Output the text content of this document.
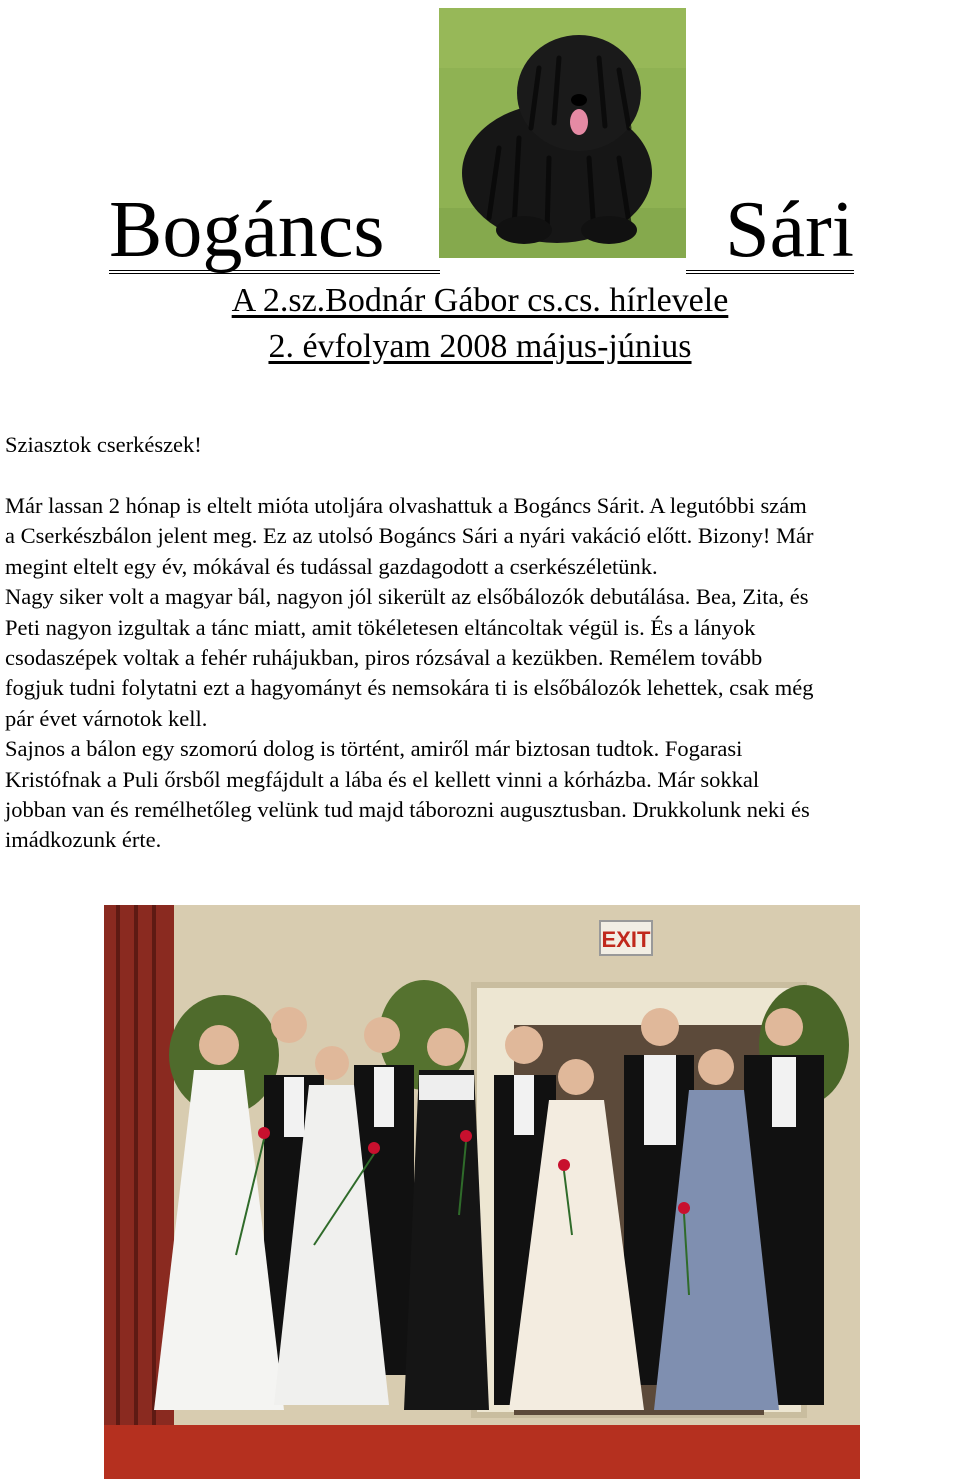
Bogáncs	Sári
A 2.sz.Bodnár Gábor cs.cs. hírlevele
2. évfolyam 2008 május-június
Sziasztok cserkészek!
Már lassan 2 hónap is eltelt mióta utoljára olvashattuk a Bogáncs Sárit. A legutóbbi szám
a Cserkészbálon jelent meg. Ez az utolsó Bogáncs Sári a nyári vakáció előtt. Bizony! Már
megint eltelt egy év, mókával és tudással gazdagodott a cserkészéletünk.
Nagy siker volt a magyar bál, nagyon jól sikerült az elsőbálozók debutálása. Bea, Zita, és
Peti nagyon izgultak a tánc miatt, amit tökéletesen eltáncoltak végül is. És a lányok
csodaszépek voltak a fehér ruhájukban, piros rózsával a kezükben. Remélem tovább
fogjuk tudni folytatni ezt a hagyományt és nemsokára ti is elsőbálozók lehettek, csak még
pár évet várnotok kell.
Sajnos a bálon egy szomorú dolog is történt, amiről már biztosan tudtok. Fogarasi
Kristófnak a Puli őrsből megfájdult a lába és el kellett vinni a kórházba. Már sokkal
jobban van és remélhetőleg velünk tud majd táborozni augusztusban. Drukkolunk neki és
imádkozunk érte.
EXIT
